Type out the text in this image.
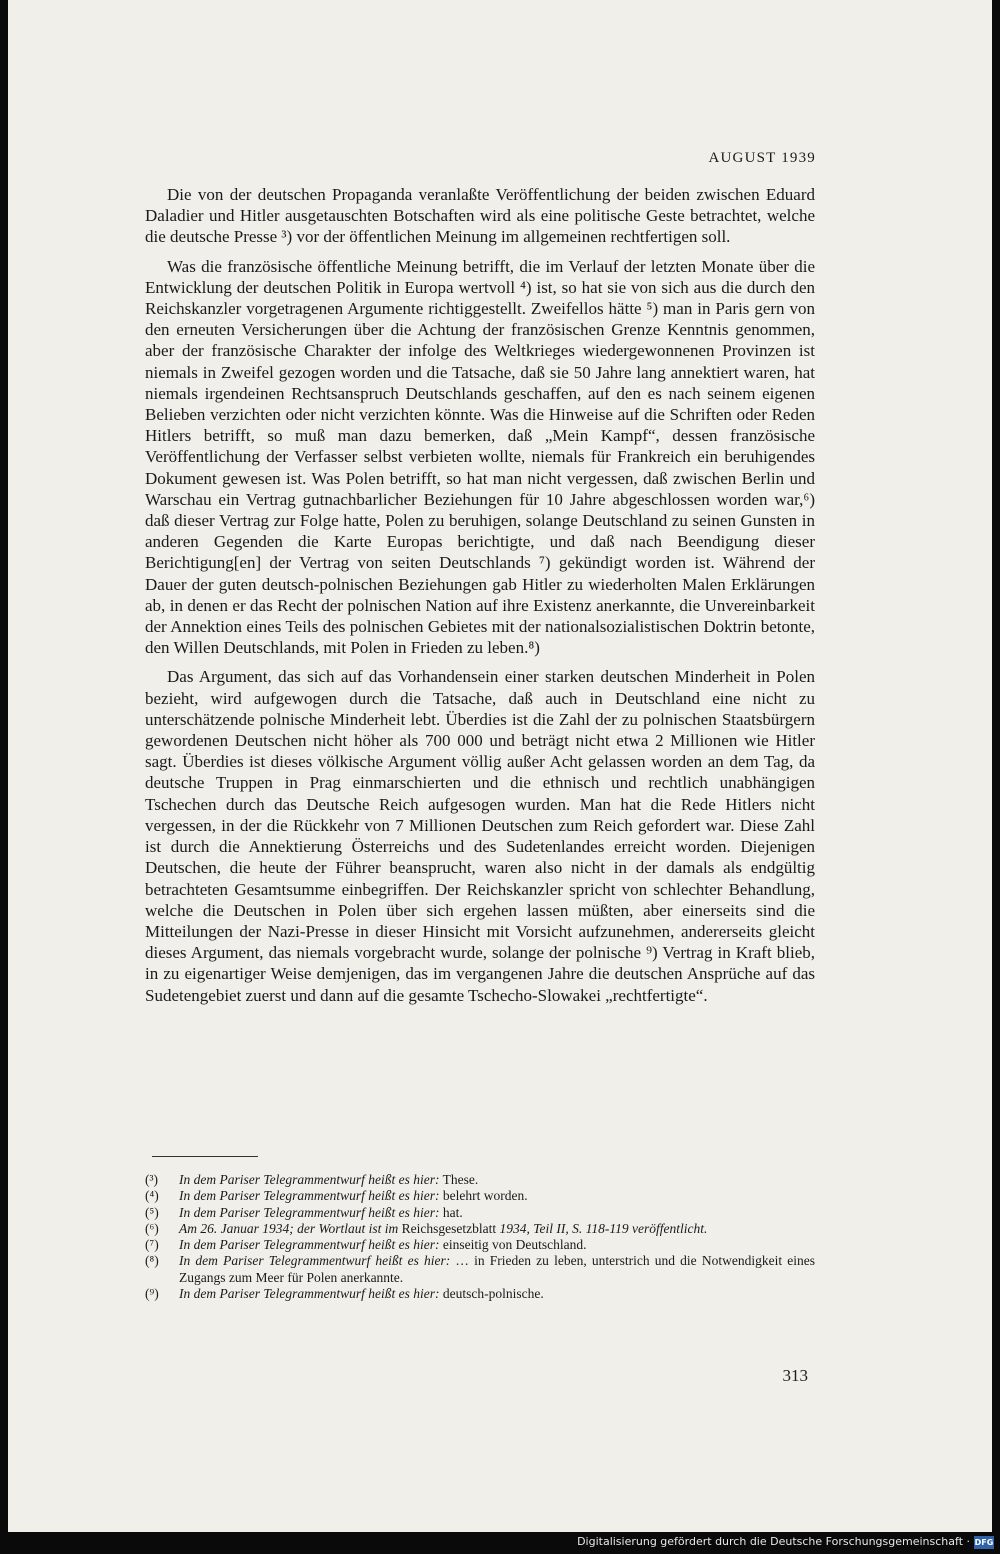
AUGUST 1939

Die von der deutschen Propaganda veranlaßte Veröffentlichung der beiden zwischen Eduard Daladier und Hitler ausgetauschten Botschaften wird als eine politische Geste betrachtet, welche die deutsche Presse ³) vor der öffentlichen Meinung im allgemeinen rechtfertigen soll.

Was die französische öffentliche Meinung betrifft, die im Verlauf der letzten Monate über die Entwicklung der deutschen Politik in Europa wertvoll ⁴) ist, so hat sie von sich aus die durch den Reichskanzler vorgetragenen Argumente richtiggestellt. Zweifellos hätte ⁵) man in Paris gern von den erneuten Versicherungen über die Achtung der französischen Grenze Kenntnis genommen, aber der französische Charakter der infolge des Weltkrieges wiedergewonnenen Provinzen ist niemals in Zweifel gezogen worden und die Tatsache, daß sie 50 Jahre lang annektiert waren, hat niemals irgendeinen Rechtsanspruch Deutschlands geschaffen, auf den es nach seinem eigenen Belieben verzichten oder nicht verzichten könnte. Was die Hinweise auf die Schriften oder Reden Hitlers betrifft, so muß man dazu bemerken, daß „Mein Kampf“, dessen französische Veröffentlichung der Verfasser selbst verbieten wollte, niemals für Frankreich ein beruhigendes Dokument gewesen ist. Was Polen betrifft, so hat man nicht vergessen, daß zwischen Berlin und Warschau ein Vertrag gutnachbarlicher Beziehungen für 10 Jahre abgeschlossen worden war,⁶) daß dieser Vertrag zur Folge hatte, Polen zu beruhigen, solange Deutschland zu seinen Gunsten in anderen Gegenden die Karte Europas berichtigte, und daß nach Beendigung dieser Berichtigung[en] der Vertrag von seiten Deutschlands ⁷) gekündigt worden ist. Während der Dauer der guten deutsch-polnischen Beziehungen gab Hitler zu wiederholten Malen Erklärungen ab, in denen er das Recht der polnischen Nation auf ihre Existenz anerkannte, die Unvereinbarkeit der Annektion eines Teils des polnischen Gebietes mit der nationalsozialistischen Doktrin betonte, den Willen Deutschlands, mit Polen in Frieden zu leben.⁸)

Das Argument, das sich auf das Vorhandensein einer starken deutschen Minderheit in Polen bezieht, wird aufgewogen durch die Tatsache, daß auch in Deutschland eine nicht zu unterschätzende polnische Minderheit lebt. Überdies ist die Zahl der zu polnischen Staatsbürgern gewordenen Deutschen nicht höher als 700 000 und beträgt nicht etwa 2 Millionen wie Hitler sagt. Überdies ist dieses völkische Argument völlig außer Acht gelassen worden an dem Tag, da deutsche Truppen in Prag einmarschierten und die ethnisch und rechtlich unabhängigen Tschechen durch das Deutsche Reich aufgesogen wurden. Man hat die Rede Hitlers nicht vergessen, in der die Rückkehr von 7 Millionen Deutschen zum Reich gefordert war. Diese Zahl ist durch die Annektierung Österreichs und des Sudetenlandes erreicht worden. Diejenigen Deutschen, die heute der Führer beansprucht, waren also nicht in der damals als endgültig betrachteten Gesamtsumme einbegriffen. Der Reichskanzler spricht von schlechter Behandlung, welche die Deutschen in Polen über sich ergehen lassen müßten, aber einerseits sind die Mitteilungen der Nazi-Presse in dieser Hinsicht mit Vorsicht aufzunehmen, andererseits gleicht dieses Argument, das niemals vorgebracht wurde, solange der polnische ⁹) Vertrag in Kraft blieb, in zu eigenartiger Weise demjenigen, das im vergangenen Jahre die deutschen Ansprüche auf das Sudetengebiet zuerst und dann auf die gesamte Tschecho-Slowakei „rechtfertigte“.

(³)	In dem Pariser Telegrammentwurf heißt es hier: These.
(⁴)	In dem Pariser Telegrammentwurf heißt es hier: belehrt worden.
(⁵)	In dem Pariser Telegrammentwurf heißt es hier: hat.
(⁶)	Am 26. Januar 1934; der Wortlaut ist im Reichsgesetzblatt 1934, Teil II, S. 118-119 veröffentlicht.
(⁷)	In dem Pariser Telegrammentwurf heißt es hier: einseitig von Deutschland.
(⁸)	In dem Pariser Telegrammentwurf heißt es hier: … in Frieden zu leben, unterstrich und die Notwendigkeit eines Zugangs zum Meer für Polen anerkannte.
(⁹)	In dem Pariser Telegrammentwurf heißt es hier: deutsch-polnische.
313
Digitalisierung gefördert durch die Deutsche Forschungsgemeinschaft · DFG
